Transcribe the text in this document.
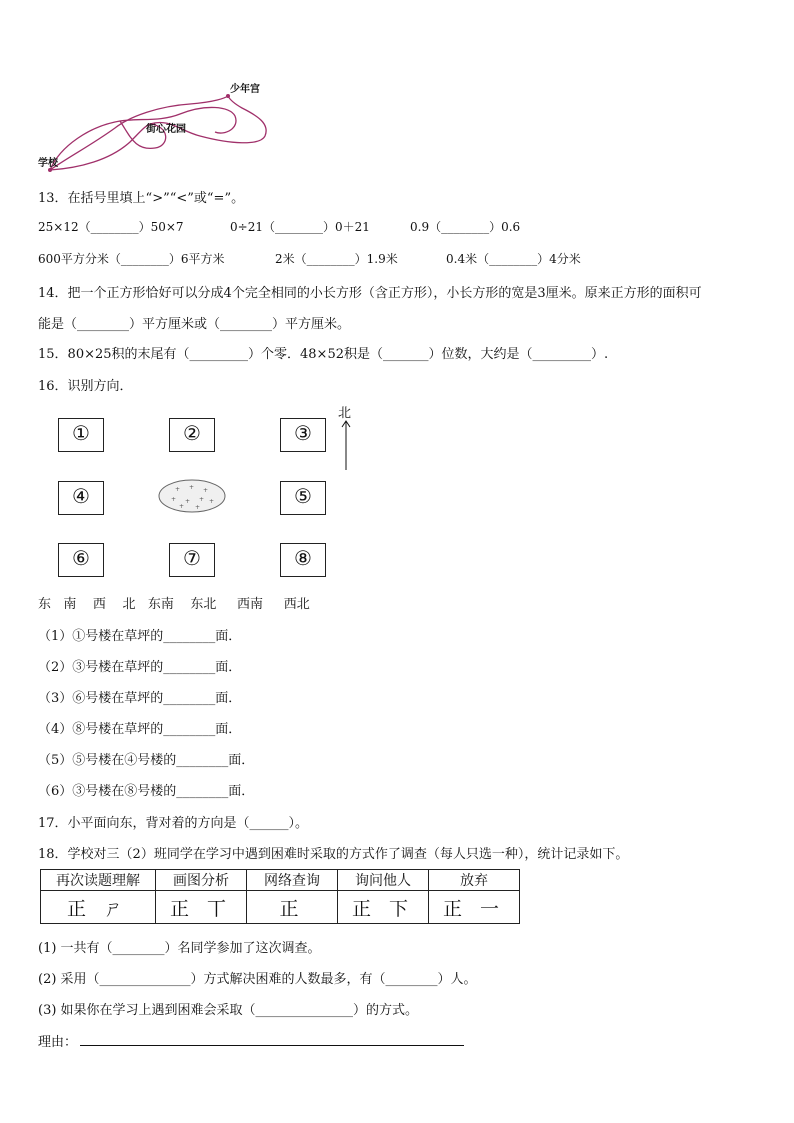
学校
街心花园
少年宫
13．在括号里填上“>”“<”或“=”。
25×12（________）50×7	0÷21（________）0＋21	0.9（________）0.6
600平方分米（________）6平方米	2米（________）1.9米	0.4米（________）4分米
14．把一个正方形恰好可以分成4个完全相同的小长方形（含正方形），小长方形的宽是3厘米。原来正方形的面积可
能是（________）平方厘米或（________）平方厘米。
15．80×25积的末尾有（_________）个零．48×52积是（_______）位数，大约是（_________）.
16．识别方向．
北
①	②	③
④	+ + +
+ + + +
+ +	⑤
⑥	⑦	⑧
东   南    西    北   东南    东北     西南     西北
（1）①号楼在草坪的________面．
（2）③号楼在草坪的________面．
（3）⑥号楼在草坪的________面．
（4）⑧号楼在草坪的________面．
（5）⑤号楼在④号楼的________面．
（6）③号楼在⑧号楼的________面．
17．小平面向东，背对着的方向是（______）。
18．学校对三（2）班同学在学习中遇到困难时采取的方式作了调查（每人只选一种），统计记录如下。
再次读题理解	画图分析	网络查询	询问他人	放弃
正 ㄕ	正 丅	正	正 下	正 一
(1) 一共有（________）名同学参加了这次调查。
(2) 采用（______________）方式解决困难的人数最多，有（________）人。
(3) 如果你在学习上遇到困难会采取（_______________）的方式。
理由：
